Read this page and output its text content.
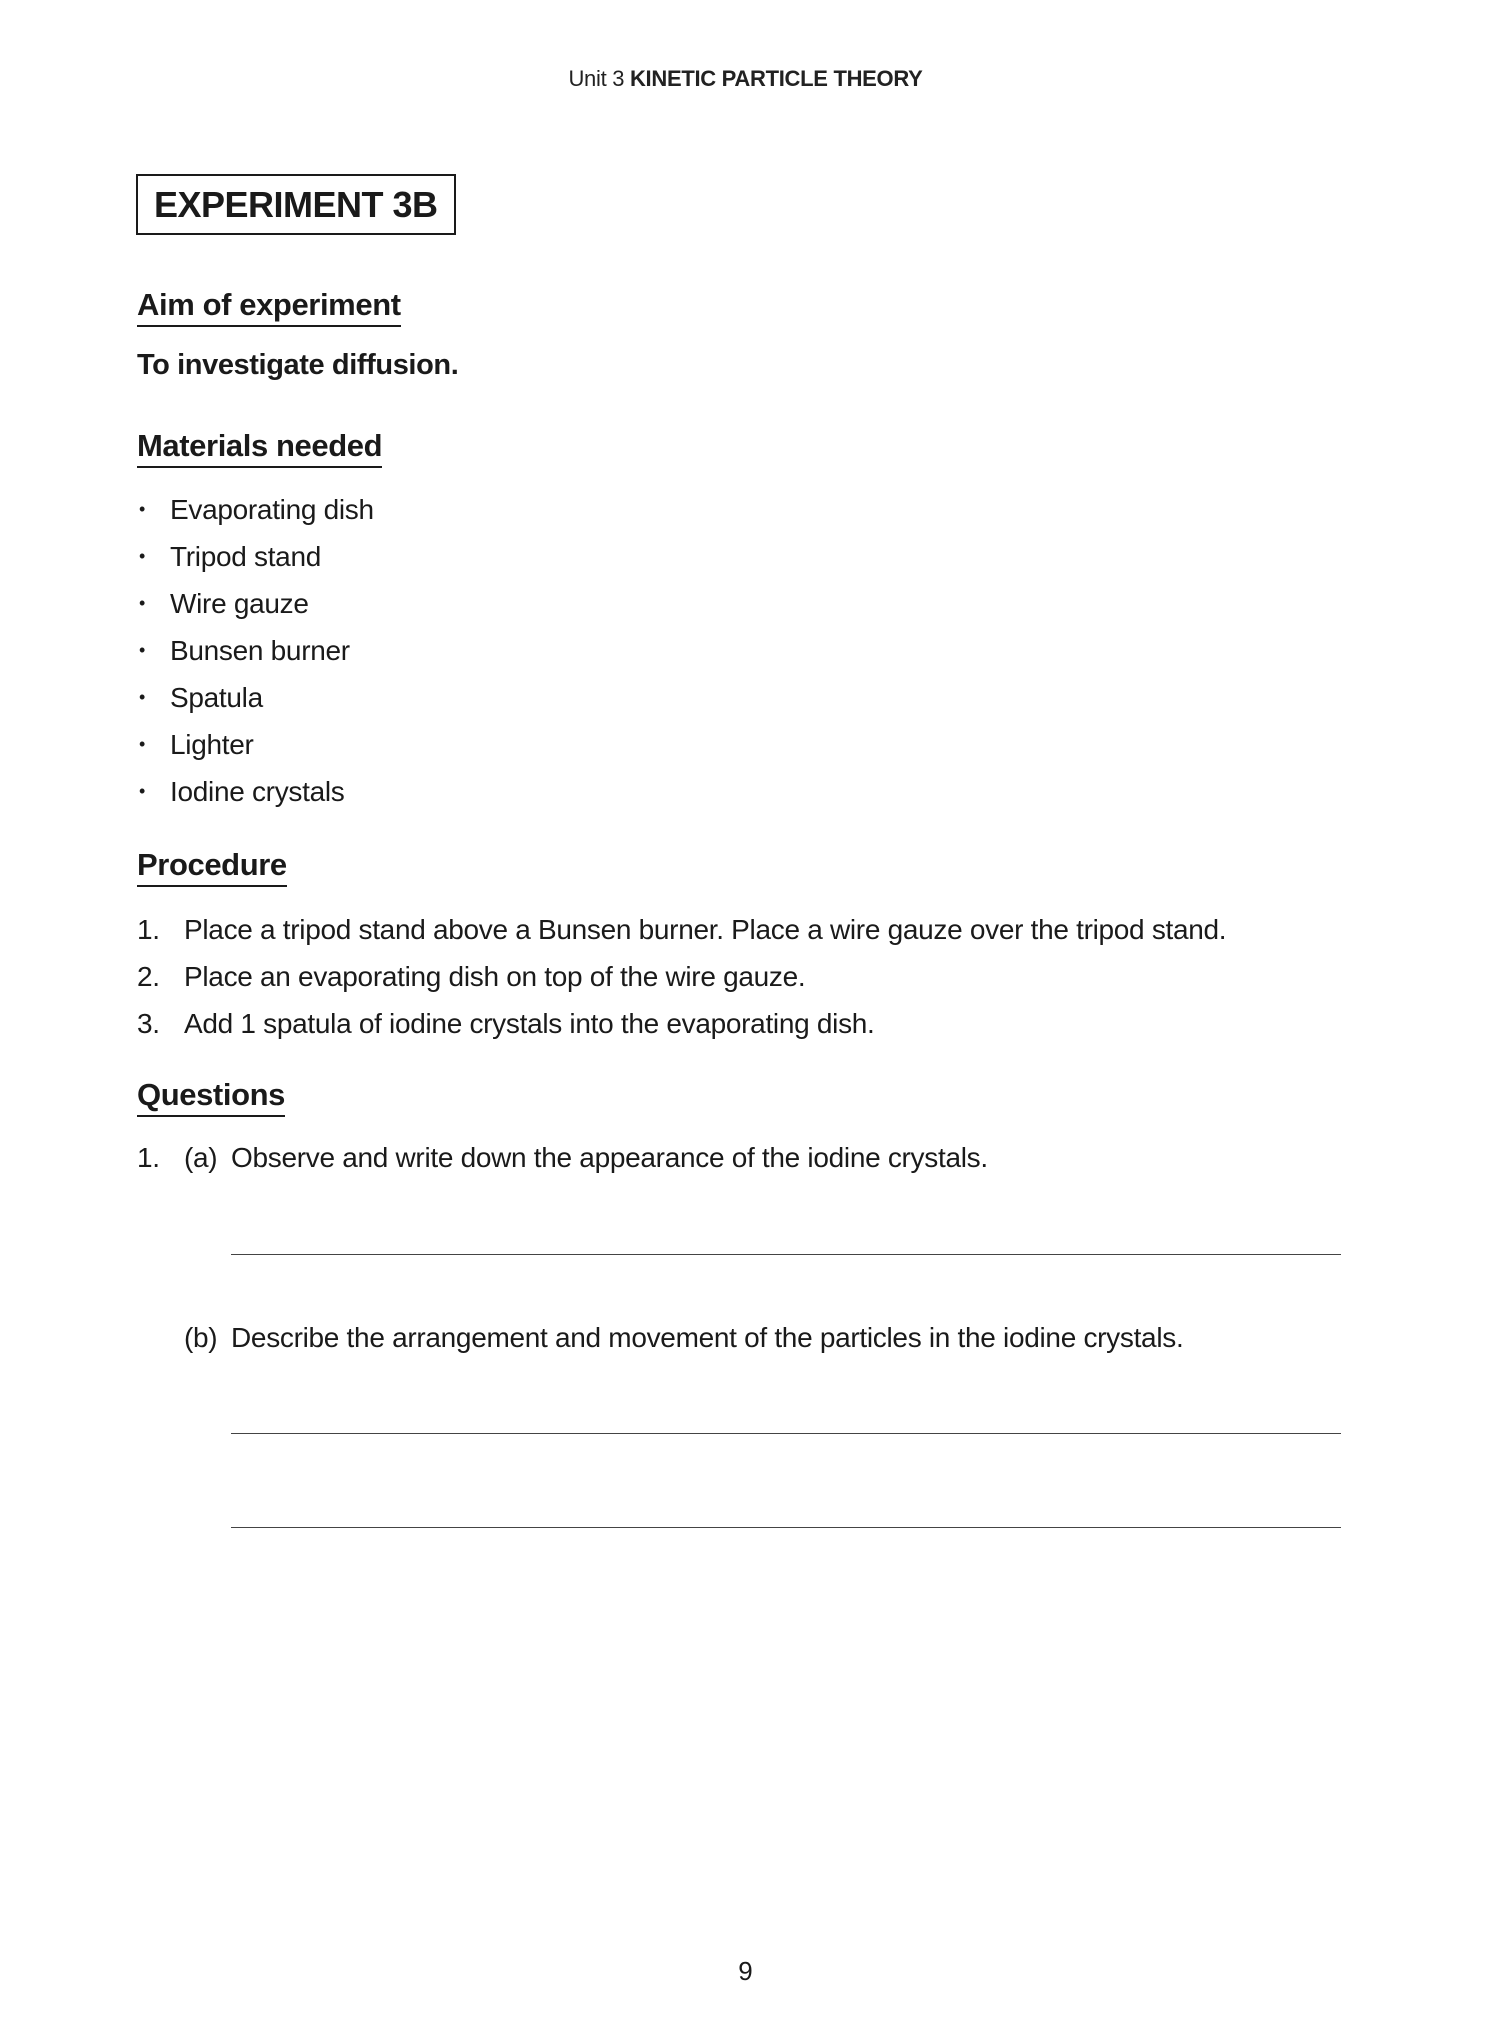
Unit 3 KINETIC PARTICLE THEORY
EXPERIMENT 3B
Aim of experiment
To investigate diffusion.
Materials needed
• Evaporating dish
• Tripod stand
• Wire gauze
• Bunsen burner
• Spatula
• Lighter
• Iodine crystals
Procedure
1. Place a tripod stand above a Bunsen burner. Place a wire gauze over the tripod stand.
2. Place an evaporating dish on top of the wire gauze.
3. Add 1 spatula of iodine crystals into the evaporating dish.
Questions
1. (a) Observe and write down the appearance of the iodine crystals.
(b) Describe the arrangement and movement of the particles in the iodine crystals.
9
